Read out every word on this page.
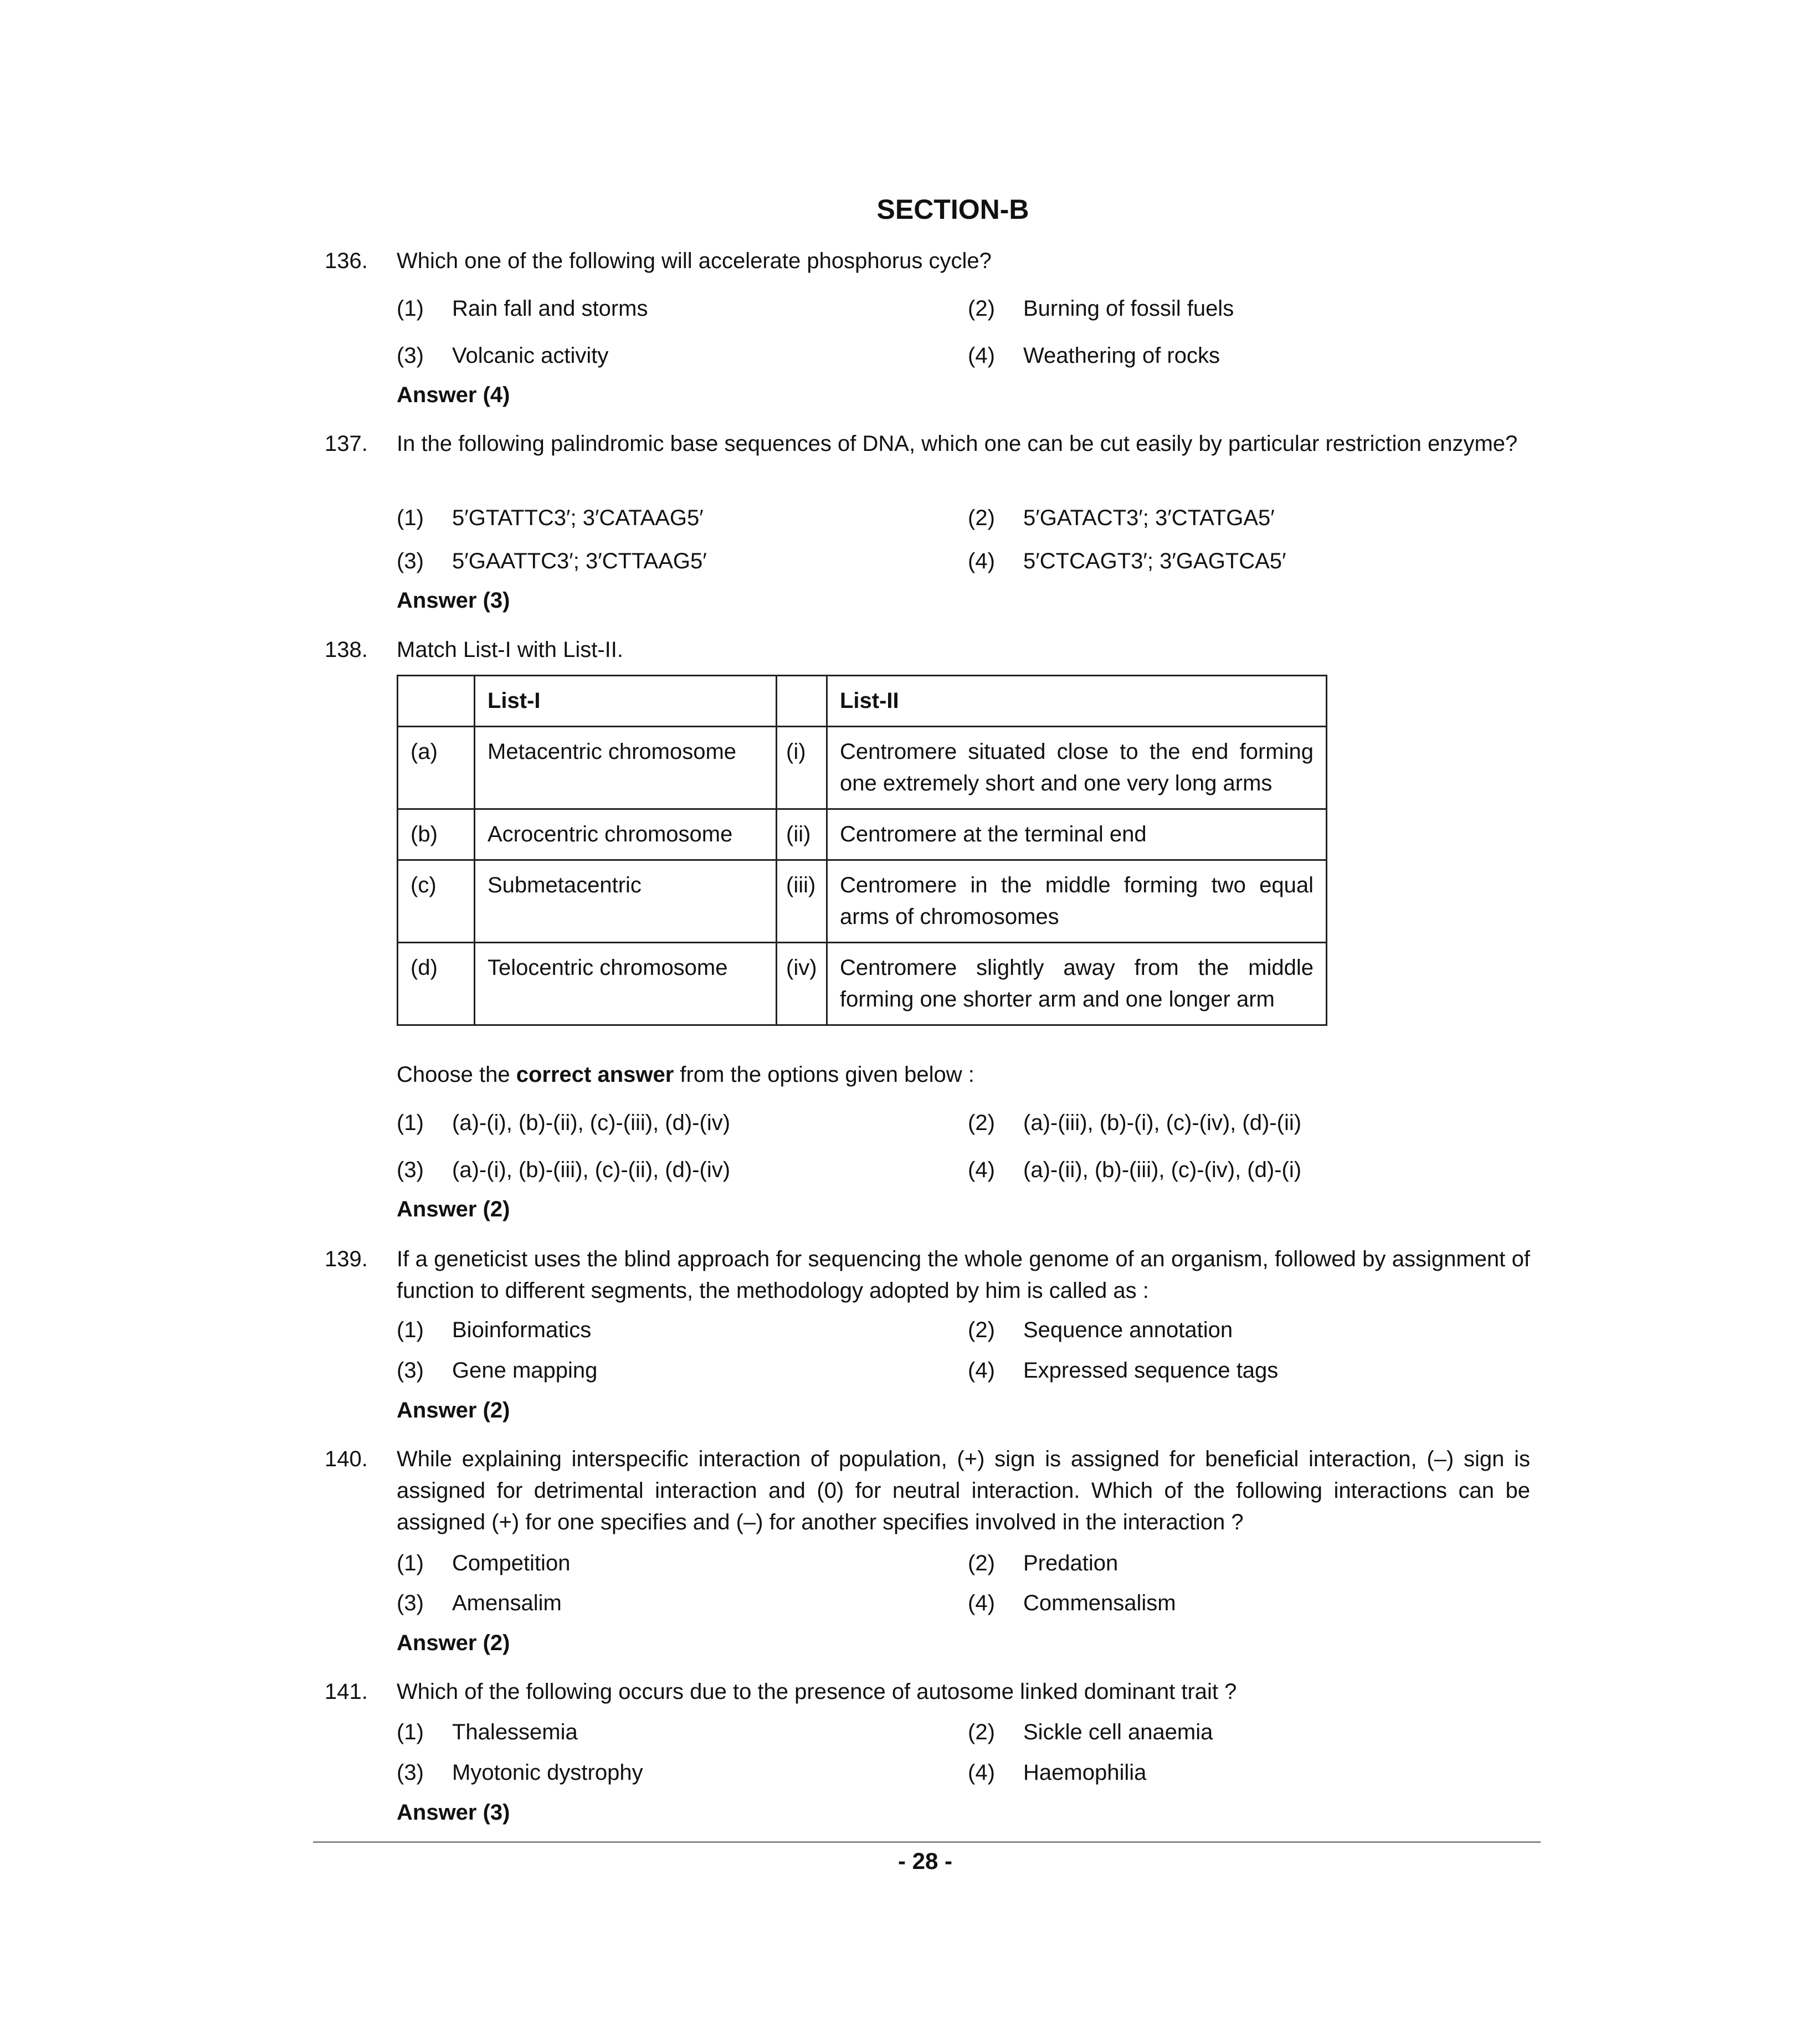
SECTION-B
136. Which one of the following will accelerate phosphorus cycle?
(1) Rain fall and storms	(2) Burning of fossil fuels
(3) Volcanic activity	(4) Weathering of rocks
Answer (4)
137. In the following palindromic base sequences of DNA, which one can be cut easily by particular restriction enzyme?
(1) 5′GTATTC3′; 3′CATAAG5′	(2) 5′GATACT3′; 3′CTATGA5′
(3) 5′GAATTC3′; 3′CTTAAG5′	(4) 5′CTCAGT3′; 3′GAGTCA5′
Answer (3)
138. Match List-I with List-II.
	List-I		List-II
(a)	Metacentric chromosome	(i)	Centromere situated close to the end forming one extremely short and one very long arms
(b)	Acrocentric chromosome	(ii)	Centromere at the terminal end
(c)	Submetacentric	(iii)	Centromere in the middle forming two equal arms of chromosomes
(d)	Telocentric chromosome	(iv)	Centromere slightly away from the middle forming one shorter arm and one longer arm
Choose the correct answer from the options given below :
(1) (a)-(i), (b)-(ii), (c)-(iii), (d)-(iv)	(2) (a)-(iii), (b)-(i), (c)-(iv), (d)-(ii)
(3) (a)-(i), (b)-(iii), (c)-(ii), (d)-(iv)	(4) (a)-(ii), (b)-(iii), (c)-(iv), (d)-(i)
Answer (2)
139. If a geneticist uses the blind approach for sequencing the whole genome of an organism, followed by assignment of function to different segments, the methodology adopted by him is called as :
(1) Bioinformatics	(2) Sequence annotation
(3) Gene mapping	(4) Expressed sequence tags
Answer (2)
140. While explaining interspecific interaction of population, (+) sign is assigned for beneficial interaction, (–) sign is assigned for detrimental interaction and (0) for neutral interaction. Which of the following interactions can be assigned (+) for one specifies and (–) for another specifies involved in the interaction ?
(1) Competition	(2) Predation
(3) Amensalim	(4) Commensalism
Answer (2)
141. Which of the following occurs due to the presence of autosome linked dominant trait ?
(1) Thalessemia	(2) Sickle cell anaemia
(3) Myotonic dystrophy	(4) Haemophilia
Answer (3)
- 28 -
